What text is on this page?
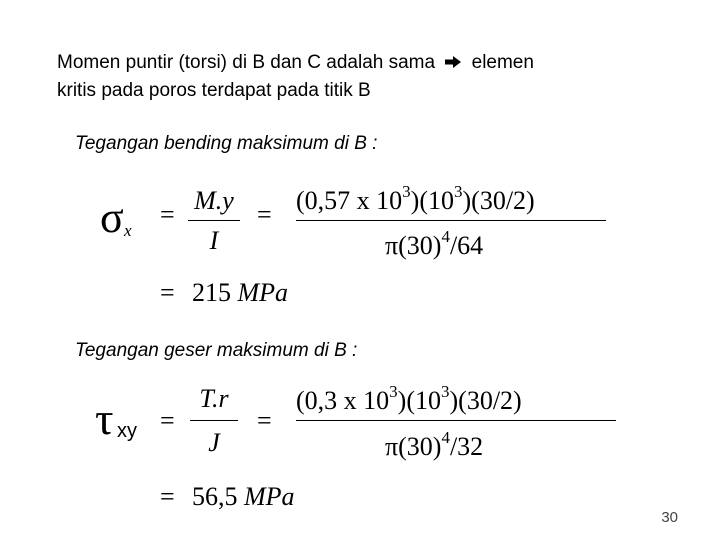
Momen puntir (torsi) di B dan C adalah sama elemen
kritis pada poros terdapat pada titik B
Tegangan bending maksimum di B :
σ x
= M.y
I
= (0,57 x $10^3)(10^3)(30/2)$
$\pi(30)^4/64$
= 215 MPa
Tegangan geser maksimum di B :
τ xy =
T.r
J
=
(0,3 x $10^3)(10^3)(30/2)$
$\pi(30)^4/32$
= 56,5 MPa
30
